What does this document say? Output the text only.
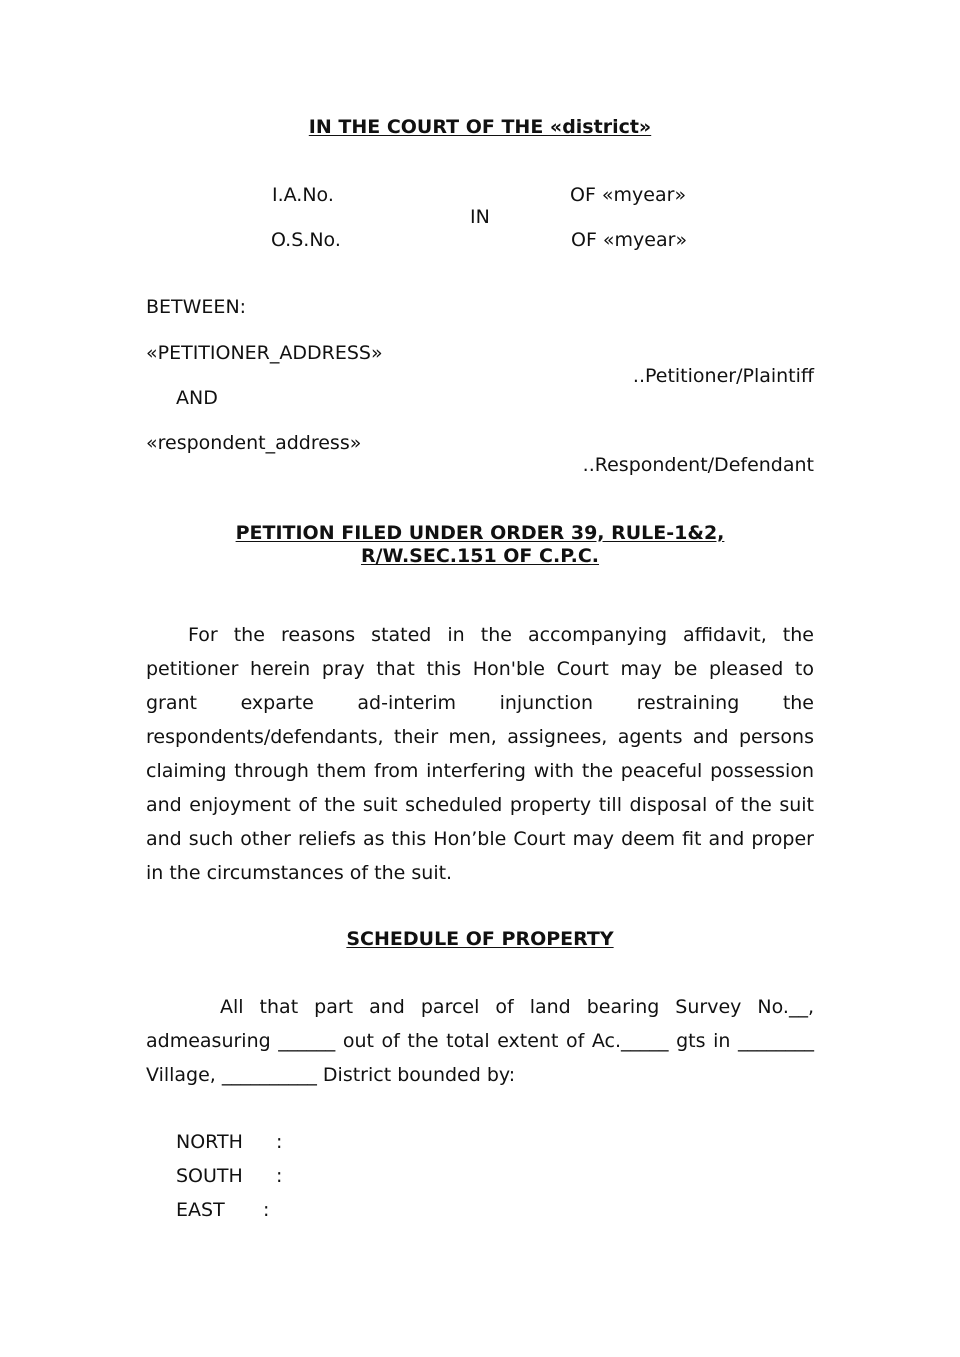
IN THE COURT OF THE «district»
I.A.No.	OF «myear»
IN
O.S.No.	OF «myear»
BETWEEN:
«PETITIONER_ADDRESS»
..Petitioner/Plaintiff
AND
«respondent_address»
..Respondent/Defendant
PETITION FILED UNDER ORDER 39, RULE-1&2,
R/W.SEC.151 OF C.P.C.

For the reasons stated in the accompanying affidavit, the petitioner herein pray that this Hon'ble Court may be pleased to grant exparte ad-interim injunction restraining the respondents/defendants, their men, assignees, agents and persons claiming through them from interfering with the peaceful possession and enjoyment of the suit scheduled property till disposal of the suit and such other reliefs as this Hon’ble Court may deem fit and proper in the circumstances of the suit.

SCHEDULE OF PROPERTY

All that part and parcel of land bearing Survey No.__, admeasuring ______ out of the total extent of Ac._____ gts in ________ Village, __________ District bounded by:

NORTH :
SOUTH :
EAST :
